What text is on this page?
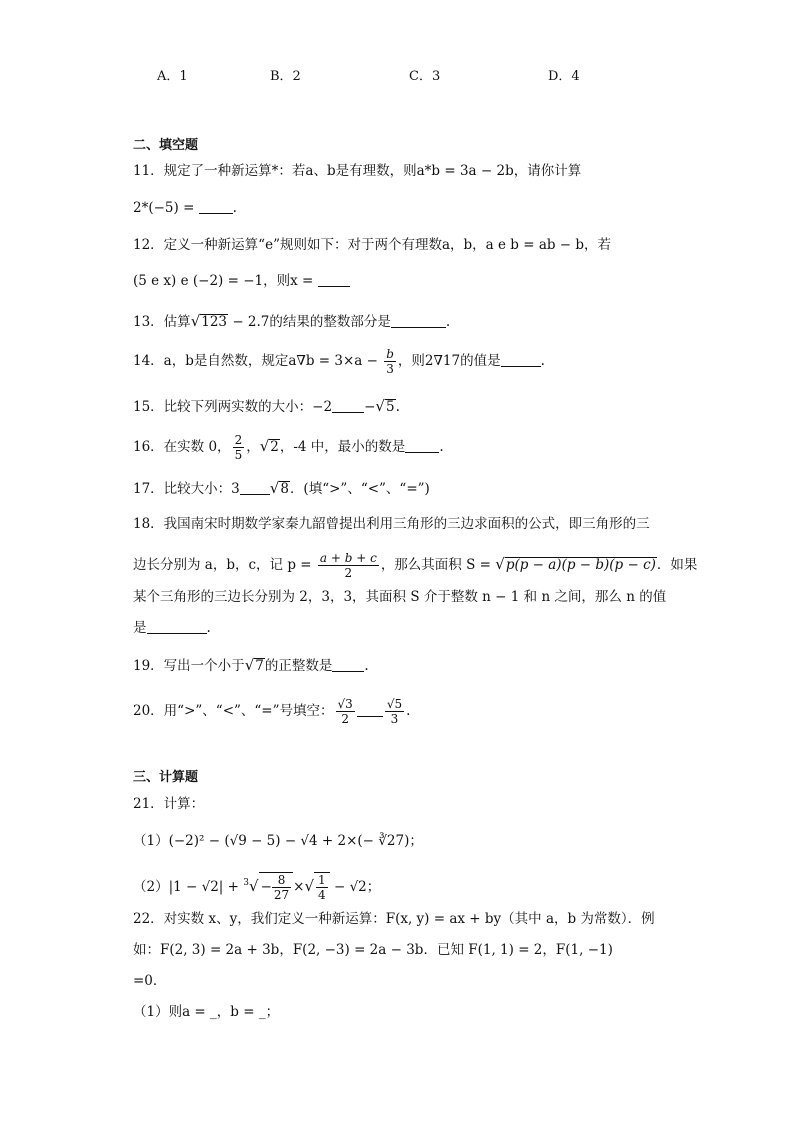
A．1	B．2	C．3	D．4
二、填空题
11．规定了一种新运算*：若a、b是有理数，则a*b = 3a − 2b，请你计算
2*(−5) =	.
12．定义一种新运算“e”规则如下：对于两个有理数a，b，a e b = ab − b，若
(5 e x) e (−2) = −1，则x =
13．估算√123 − 2.7的结果的整数部分是	.
14．a，b是自然数，规定$a\nabla b = 3\times a - \frac{b}{3}$ ，则2∇17的值是	.
15．比较下列两实数的大小：−2 −√5.
16．在实数 0， $\frac{2}{5}$ ，√2，-4 中，最小的数是	.
17．比较大小：3 √8．(填“>”、“<”、“=”)
18．我国南宋时期数学家秦九韶曾提出利用三角形的三边求面积的公式，即三角形的三
边长分别为 a，b，c，记 $p = \frac{a + b + c}{2}$ ，那么其面积 S = √p(p − a)(p − b)(p − c)．如果
某个三角形的三边长分别为 2，3，3，其面积 S 介于整数 n − 1 和 n 之间，那么 n 的值
是	.
19．写出一个小于√7的正整数是 .
20．用“>”、“<”、“=”号填空： $\frac{√3}{2}$	$\frac{√5}{3}$ .
三、计算题
21．计算：
（1）(−2)² − (√9 − 5) − √4 + 2×(− ∛27)；
$(2)|1 - √2| + ^3√ - \frac{8}{27}$ ×√ $\frac{1}{4} - √2$；
22．对实数 x、y，我们定义一种新运算：F(x, y) = ax + by（其中 a，b 为常数）．例
如：F(2, 3) = 2a + 3b，F(2, −3) = 2a − 3b．已知 F(1, 1) = 2，F(1, −1)
=0．
（1）则a = _，b = _；
